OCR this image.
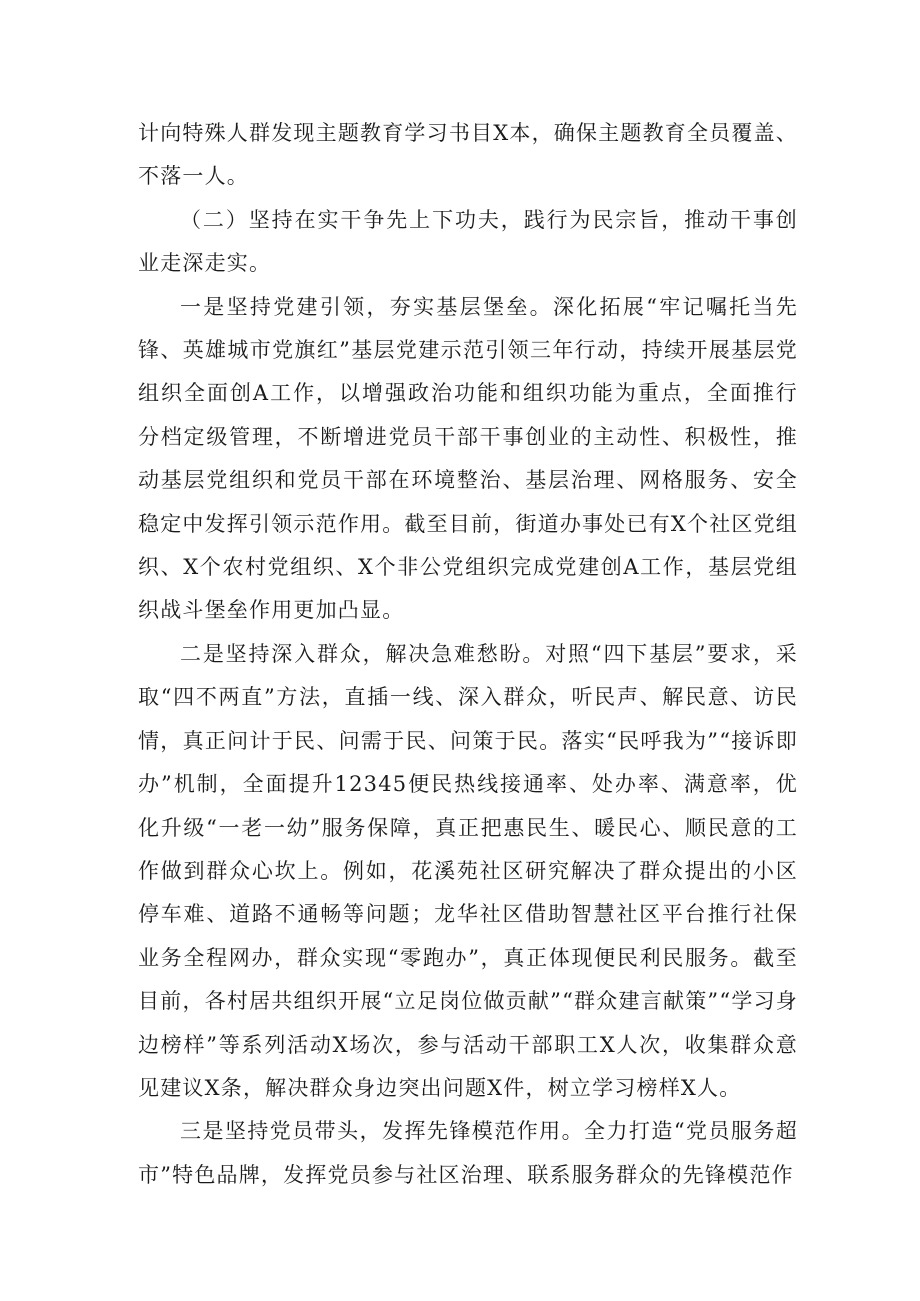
计向特殊人群发现主题教育学习书目X本，确保主题教育全员覆盖、不落一人。

（二）坚持在实干争先上下功夫，践行为民宗旨，推动干事创业走深走实。

一是坚持党建引领，夯实基层堡垒。深化拓展“牢记嘱托当先锋、英雄城市党旗红”基层党建示范引领三年行动，持续开展基层党组织全面创A工作，以增强政治功能和组织功能为重点，全面推行分档定级管理，不断增进党员干部干事创业的主动性、积极性，推动基层党组织和党员干部在环境整治、基层治理、网格服务、安全稳定中发挥引领示范作用。截至目前，街道办事处已有X个社区党组织、X个农村党组织、X个非公党组织完成党建创A工作，基层党组织战斗堡垒作用更加凸显。

二是坚持深入群众，解决急难愁盼。对照“四下基层”要求，采取“四不两直”方法，直插一线、深入群众，听民声、解民意、访民情，真正问计于民、问需于民、问策于民。落实“民呼我为”“接诉即办”机制，全面提升12345便民热线接通率、处办率、满意率，优化升级“一老一幼”服务保障，真正把惠民生、暖民心、顺民意的工作做到群众心坎上。例如，花溪苑社区研究解决了群众提出的小区停车难、道路不通畅等问题；龙华社区借助智慧社区平台推行社保业务全程网办，群众实现“零跑办”，真正体现便民利民服务。截至目前，各村居共组织开展“立足岗位做贡献”“群众建言献策”“学习身边榜样”等系列活动X场次，参与活动干部职工X人次，收集群众意见建议X条，解决群众身边突出问题X件，树立学习榜样X人。

三是坚持党员带头，发挥先锋模范作用。全力打造“党员服务超市”特色品牌，发挥党员参与社区治理、联系服务群众的先锋模范作
